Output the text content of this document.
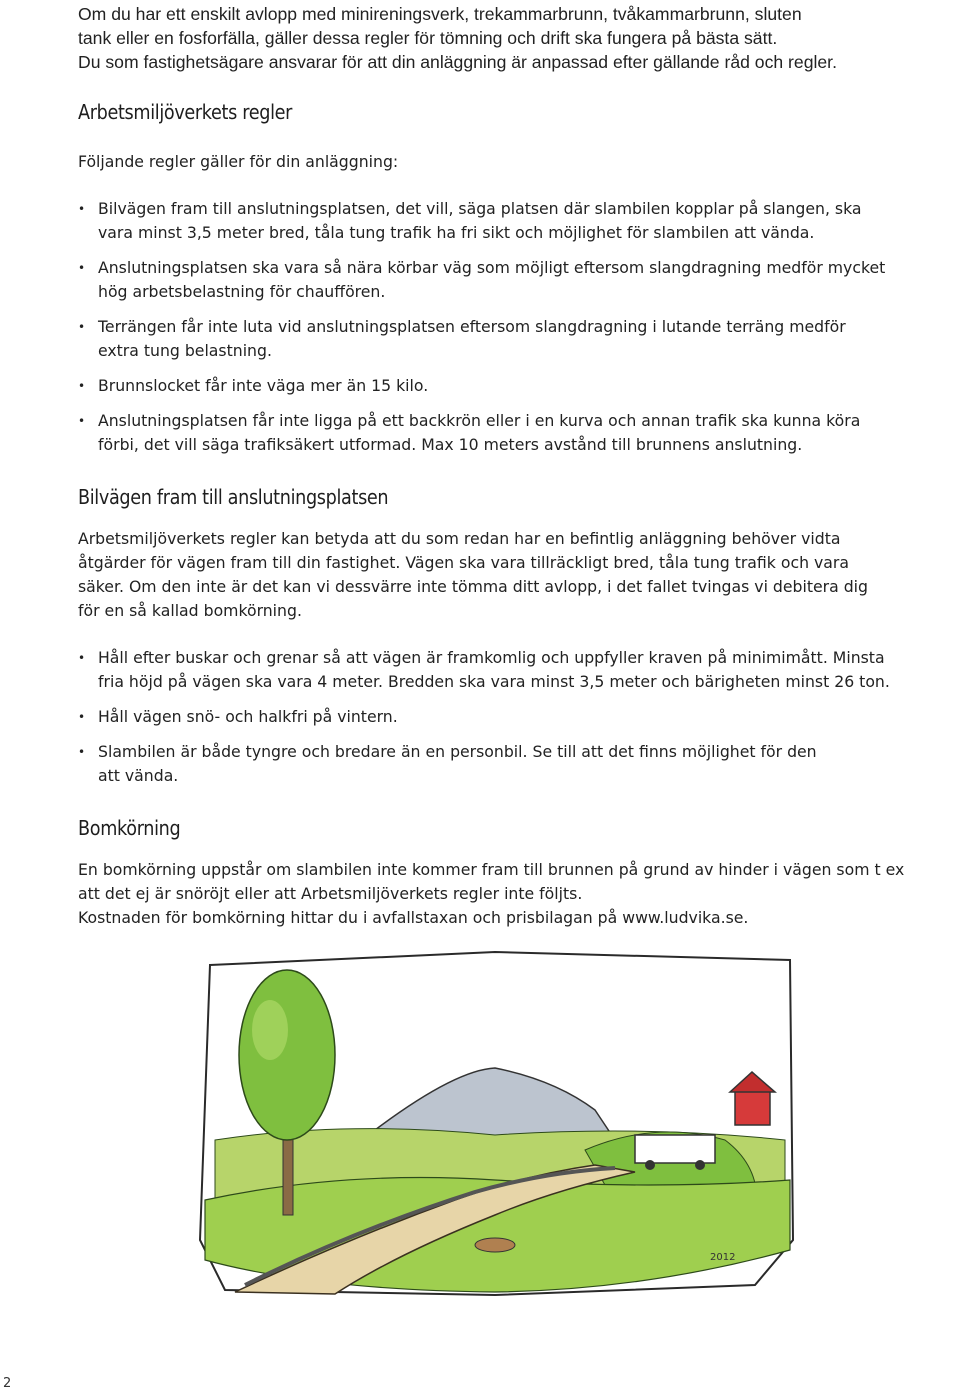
Om du har ett enskilt avlopp med minireningsverk, trekammarbrunn, tvåkammarbrunn, sluten

tank eller en fosforfälla, gäller dessa regler för tömning och drift ska fungera på bästa sätt.

Du som fastighetsägare ansvarar för att din anläggning är anpassad efter gällande råd och regler.

Arbetsmiljöverkets regler

Följande regler gäller för din anläggning:

• Bilvägen fram till anslutningsplatsen, det vill, säga platsen där slambilen kopplar på slangen, ska
vara minst 3,5 meter bred, tåla tung trafik ha fri sikt och möjlighet för slambilen att vända.
• Anslutningsplatsen ska vara så nära körbar väg som möjligt eftersom slangdragning medför mycket
hög arbetsbelastning för chauffören.
• Terrängen får inte luta vid anslutningsplatsen eftersom slangdragning i lutande terräng medför
extra tung belastning.
• Brunnslocket får inte väga mer än 15 kilo.
• Anslutningsplatsen får inte ligga på ett backkrön eller i en kurva och annan trafik ska kunna köra
förbi, det vill säga trafiksäkert utformad. Max 10 meters avstånd till brunnens anslutning.
Bilvägen fram till anslutningsplatsen

Arbetsmiljöverkets regler kan betyda att du som redan har en befintlig anläggning behöver vidta

åtgärder för vägen fram till din fastighet. Vägen ska vara tillräckligt bred, tåla tung trafik och vara

säker. Om den inte är det kan vi dessvärre inte tömma ditt avlopp, i det fallet tvingas vi debitera dig

för en så kallad bomkörning.

• Håll efter buskar och grenar så att vägen är framkomlig och uppfyller kraven på minimimått. Minsta
fria höjd på vägen ska vara 4 meter. Bredden ska vara minst 3,5 meter och bärigheten minst 26 ton.
• Håll vägen snö- och halkfri på vintern.
• Slambilen är både tyngre och bredare än en personbil. Se till att det finns möjlighet för den
att vända.
Bomkörning

En bomkörning uppstår om slambilen inte kommer fram till brunnen på grund av hinder i vägen som t ex

att det ej är snöröjt eller att Arbetsmiljöverkets regler inte följts.

Kostnaden för bomkörning hittar du i avfallstaxan och prisbilagan på www.ludvika.se.

2012
2
